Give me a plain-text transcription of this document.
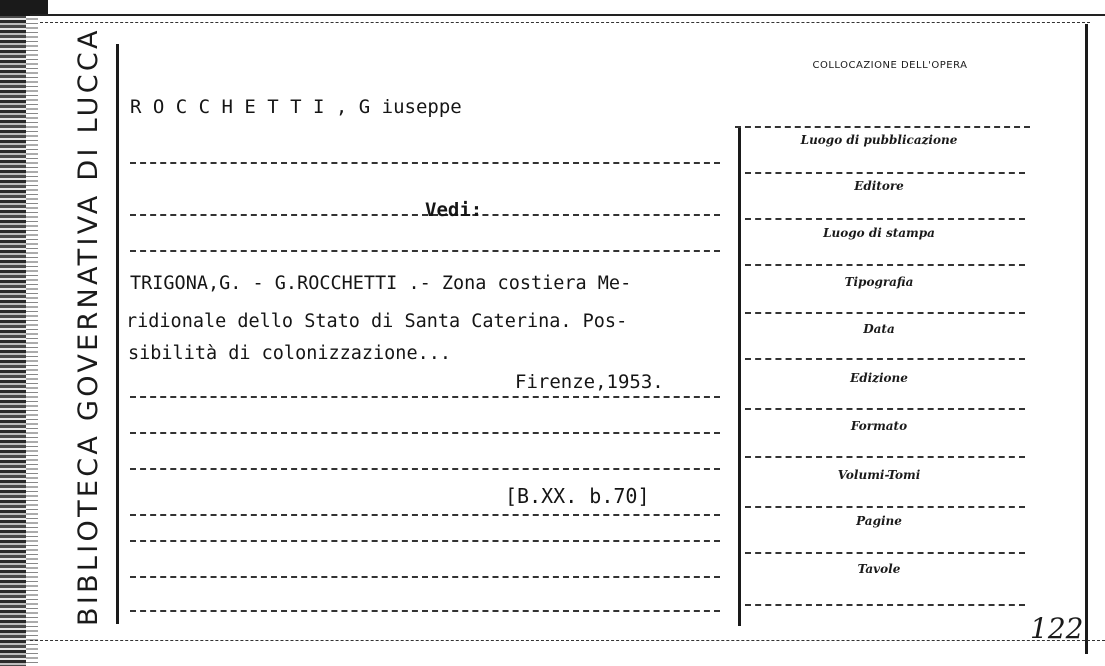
BIBLIOTECA GOVERNATIVA DI LUCCA	COLLOCAZIONE DELL'OPERA
R O C C H E T T I , G iuseppe
Vedi:
TRIGONA,G. - G.ROCCHETTI .- Zona costiera Me-
ridionale dello Stato di Santa Caterina. Pos-
sibilità di colonizzazione...
Firenze,1953.
[B.XX. b.70]
Luogo di pubblicazione
Editore
Luogo di stampa
Tipografia
Data
Edizione
Formato
Volumi-Tomi
Pagine
Tavole
122
